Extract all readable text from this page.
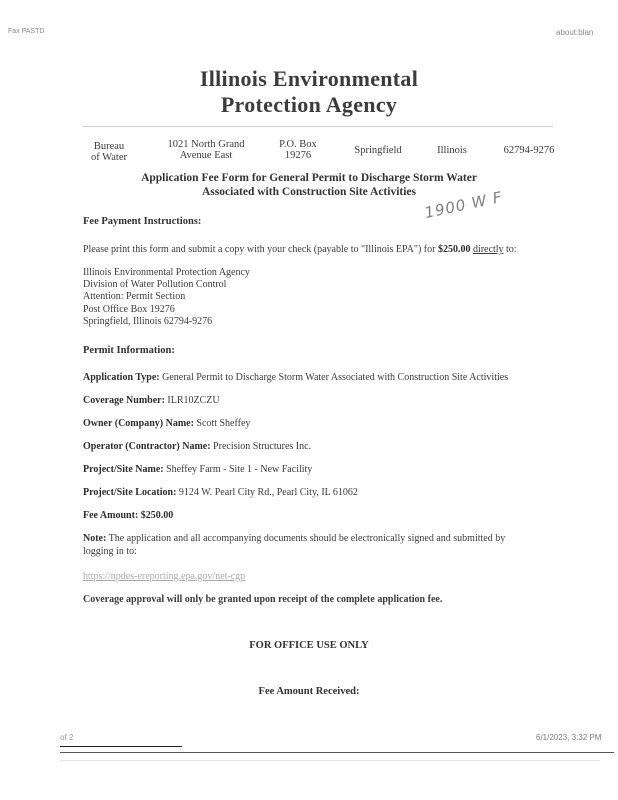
Fax PASTD	about:blan
Illinois Environmental
Protection Agency
Bureau
of Water
1021 North Grand
Avenue East
P.O. Box
19276	Springfield	Illinois	62794-9276
Application Fee Form for General Permit to Discharge Storm Water
Associated with Construction Site Activities 1900 W F
Fee Payment Instructions:
Please print this form and submit a copy with your check (payable to "Illinois EPA") for $250.00 directly to:
Illinois Environmental Protection Agency
Division of Water Pollution Control
Attention: Permit Section
Post Office Box 19276
Springfield, Illinois 62794-9276
Permit Information:
Application Type: General Permit to Discharge Storm Water Associated with Construction Site Activities
Coverage Number: ILR10ZCZU
Owner (Company) Name: Scott Sheffey
Operator (Contractor) Name: Precision Structures Inc.
Project/Site Name: Sheffey Farm - Site 1 - New Facility
Project/Site Location: 9124 W. Pearl City Rd., Pearl City, IL 61062
Fee Amount: $250.00
Note: The application and all accompanying documents should be electronically signed and submitted by
logging in to:
https://npdes-ereporting.epa.gov/net-cgp
Coverage approval will only be granted upon receipt of the complete application fee.
FOR OFFICE USE ONLY
Fee Amount Received:
of 2	6/1/2023, 3:32 PM
